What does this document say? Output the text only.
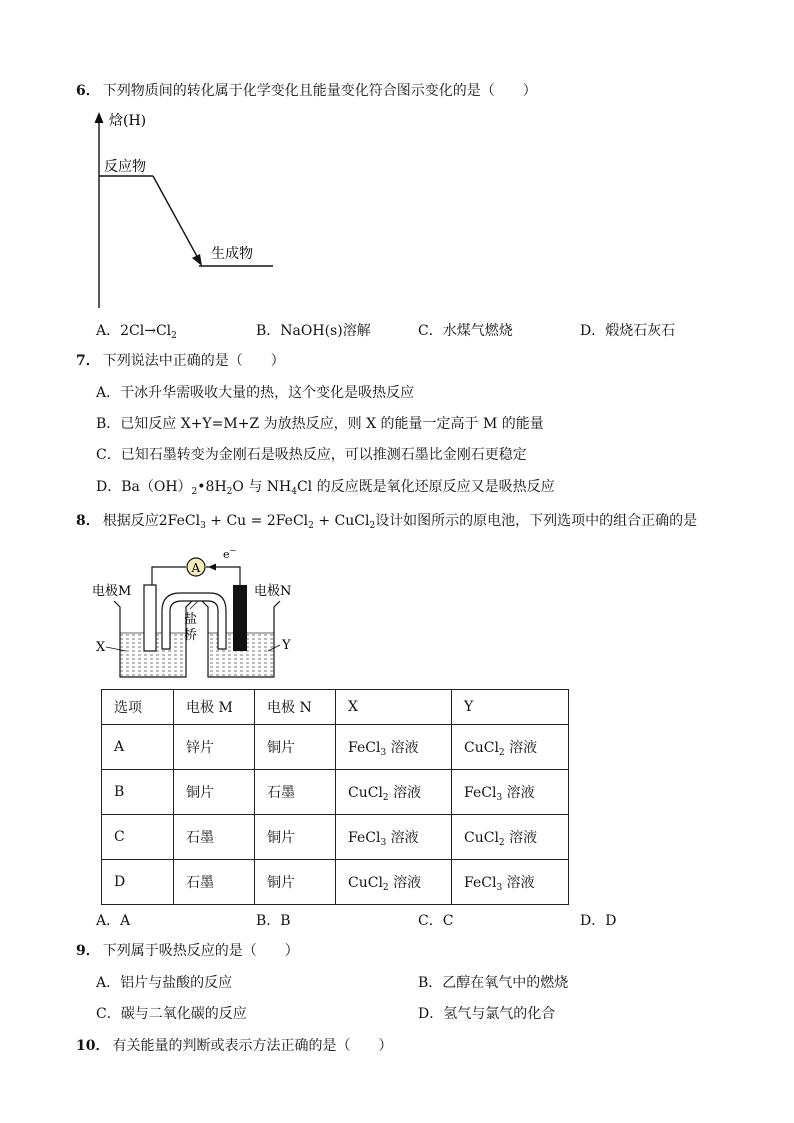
6． 下列物质间的转化属于化学变化且能量变化符合图示变化的是（　　）
焓(H)
反应物
生成物
A．$2Cl\to Cl_2$	B．NaOH(s)溶解	C．水煤气燃烧	D．煅烧石灰石
7． 下列说法中正确的是（　　）
A．干冰升华需吸收大量的热，这个变化是吸热反应
B．已知反应 X+Y=M+Z 为放热反应，则 X 的能量一定高于 M 的能量
C．已知石墨转变为金刚石是吸热反应，可以推测石墨比金刚石更稳定
D．$Ba(OH)_2•8H_2O$ 与 $NH_4Cl$ 的反应既是氧化还原反应又是吸热反应
8． 根据反应2FeCl$_3$ + Cu = 2FeCl$_2$ + CuCl$_2$设计如图所示的原电池，下列选项中的组合正确的是
A
e−
电极M	电极N
盐
桥
X	Y
选项	电极 M	电极 N	X	Y
A	锌片	铜片	FeCl$_3$ 溶液	CuCl$_2$ 溶液
B	铜片	石墨	CuCl$_2$ 溶液	FeCl$_3$ 溶液
C	石墨	铜片	FeCl$_3$ 溶液	CuCl$_2$ 溶液
D	石墨	铜片	CuCl$_2$ 溶液	FeCl$_3$ 溶液
A．A	B．B	C．C	D．D
9． 下列属于吸热反应的是（　　）
A．铝片与盐酸的反应	B．乙醇在氧气中的燃烧
C．碳与二氧化碳的反应	D．氢气与氯气的化合
10． 有关能量的判断或表示方法正确的是（　　）
